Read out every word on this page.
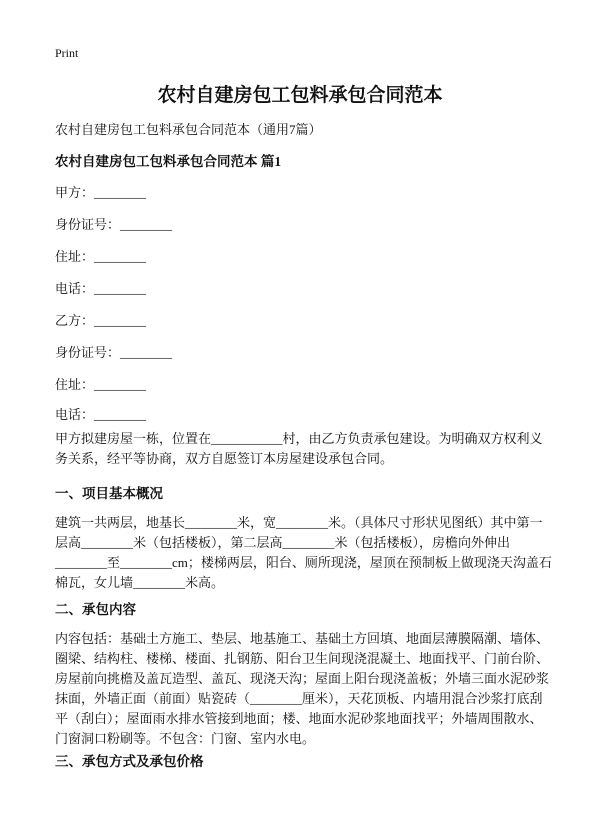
Print
农村自建房包工包料承包合同范本
农村自建房包工包料承包合同范本（通用7篇）
农村自建房包工包料承包合同范本 篇1
甲方：________
身份证号：________
住址：________
电话：________
乙方：________
身份证号：________
住址：________
电话：________
甲方拟建房屋一栋，位置在___________村，由乙方负责承包建设。为明确双方权利义务关系，经平等协商，双方自愿签订本房屋建设承包合同。
一、项目基本概况
建筑一共两层，地基长________米，宽________米。（具体尺寸形状见图纸）其中第一层高________米（包括楼板），第二层高________米（包括楼板），房檐向外伸出________至________cm；楼梯两层，阳台、厕所现浇，屋顶在预制板上做现浇天沟盖石棉瓦，女儿墙________米高。
二、承包内容
内容包括：基础土方施工、垫层、地基施工、基础土方回填、地面层薄膜隔潮、墙体、圈梁、结构柱、楼梯、楼面、扎钢筋、阳台卫生间现浇混凝土、地面找平、门前台阶、房屋前向挑檐及盖瓦造型、盖瓦、现浇天沟；屋面上阳台现浇盖板；外墙三面水泥砂浆抹面，外墙正面（前面）贴瓷砖（________厘米），天花顶板、内墙用混合沙浆打底刮平（刮白）；屋面雨水排水管接到地面；楼、地面水泥砂浆地面找平；外墙周围散水、门窗洞口粉刷等。不包含：门窗、室内水电。
三、承包方式及承包价格
